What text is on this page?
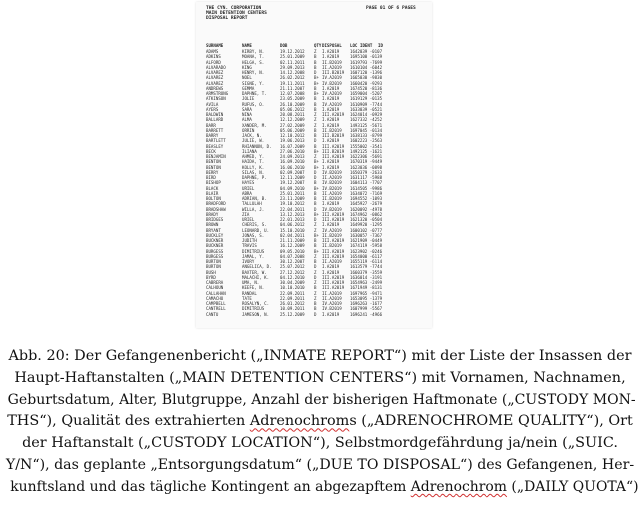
THE CYN. CORPORATION
MAIN DETENTION CENTERS
DISPOSAL REPORT
PAGE 01 OF 6 PAGES
SURNAME	NAME	DOB	QTY DISPOSAL	LOC IDENT	ID
ADAMS	KIRBY, N.	19.12.2012	Z	I.A2019	1642039 -0107
ADKINS	MOANA, T.	25.01.2009	B	I.A2019	1695100 -0139
ALFORD	HELGA, S.	02.11.2011	B	II.B2019	1619793 -7699
ALVARADO	KING	29.09.2013	B	II.A2019	1610104 -6042
ALVAREZ	HENRY, N.	14.12.2008	D	III.B2019	1607120 -1396
ALVAREZ	NOEL	26.02.2012	B+ IV.A2019	1665030 -9830
ALVAREZ	SIGNE, Y.	19.11.2011	B+ IV.B2019	1660420 -9293
ANDREWS	GEMMA	21.11.2007	B	I.A2019	1674520 -8136
ARMSTRONG	DAPHNE, T.	12.07.2008	B+ IV.A2019	1659004 -5207
ATKINSON	JOLIE	23.05.2009	B	I.A2019	1619129 -0135
AVILA	RUFUS, O.	26.10.2009	B	IV.A2019	1610909 -7744
AYERS	SARA	05.06.2012	B	I.A2019	1633039 -0521
BALDWIN	NINA	20.08.2011	Z	III.A2019	1624014 -0929
BALLARD	ALMA	12.12.2009	Z	I.A2019	1627332 -4252
BARR	XANDER, M.	27.02.2009	Z	I.A2019	1493125 -5671
BARRETT	ORRIN	05.06.2009	B	II.B2019	1697045 -0134
BARRY	JACK, N.	12.10.2012	B	III.B2019	1638133 -8799
BARTLETT	JULIE, W.	19.06.2013	D	I.A2019	1602223 -2563
BEASLEY	RHIANNON, D.	16.07.2009	B	III.A2019	1555002 -3541
BECK	ILIANA	27.06.2010	B+ III.B2019	1492125 -1621
BENJAMIN	AHMED, Y.	24.09.2013	Z	III.A2019	1622306 -5691
BENTON	HAIDA, T.	16.09.2010	B+ I.A2019	1670319 -9449
BENTON	KOLLY, K.	16.06.2010	B+ I.A2019	1623036 -0898
BERRY	SILAS, N.	02.09.2007	D	IV.B2019	1650379 -2633
BIRD	DAPHNE, P.	12.11.2009	D	II.A2019	1631117 -5988
BISHOP	HAYES	19.12.2007	B	IV.B2019	1604113 -7707
BLACK	URIEL	04.09.2010	B+ IV.B2019	1614505 -9986
BLAIR	ABRA	25.01.2011	B	II.A2019	1634072 -7169
BOLTON	ADRIAN, B.	23.11.2009	B	II.B2019	1694552 -1093
BRADFORD	TALLULAH	19.10.2012	B	I.A2019	1645927 -2679
BRADSHAW	WILLA, J.	22.04.2011	D	IV.B2019	1620092 -4978
BRADY	ZIA	13.12.2013	B+ III.A2019	1674962 -0862
BRIDGES	URIEL	22.01.2013	D	III.A2019	1621320 -0504
BROWN	CHERIS, S.	04.06.2012	Z	I.A2019	1649920 -1295
BRYANT	LEONARD, U.	15.10.2010	Z	IV.A2019	1600102 -0777
BUCKLEY	JONAS, S.	02.04.2011	B+ II.B2019	1630057 -7367
BUCKNER	JUDITH	21.11.2009	B	III.A2019	1621909 -0449
BUCKNER	TRAVIS	16.12.2009	B	II.B2019	1674119 -5958
BURGESS	DIMITRIUS	09.05.2010	B+ III.A2019	1623902 -0246
BURGESS	JAMAL, Y.	04.07.2008	Z	III.A2019	1654000 -6117
BURTON	IVORY	30.12.2007	B	II.A2019	1655119 -6114
BURTON	ANGELICA, D.	25.07.2012	D	I.A2019	1613579 -7744
BUSH	BAXTER, W.	27.12.2012	Z	I.A2019	1660379 -3559
BYRD	MALACHI, K.	04.12.2010	D	III.A2019	1636014 -3191
CABRERA	UMA, N.	30.04.2009	Z	III.A2019	1654963 -2499
CALHOUN	KEEFE, N.	10.10.2010	B	III.A2019	1671949 -8131
CALLAHAN	RANDAL	22.09.2011	Z	II.A2019	1697965 -9471
CAMACHO	TATE	22.09.2011	Z	II.A2019	1653095 -1379
CAMPBELL	ROSALYN, C.	26.01.2012	B	IV.A2019	1696263 -1677
CANTRELL	DIMITRIUS	10.09.2011	B	IV.B2019	1607999 -5567
CANTU	JAMESON, N.	25.12.2009	D	I.A2019	1696241 -4966
Abb. 20: Der Gefangenenbericht („INMATE REPORT“) mit der Liste der Insassen der
Haupt-Haftanstalten („MAIN DETENTION CENTERS“) mit Vornamen, Nachnamen,
Geburtsdatum, Alter, Blutgruppe, Anzahl der bisherigen Haftmonate („CUSTODY MON-
THS“), Qualität des extrahierten Adrenochroms („ADRENOCHROME QUALITY“), Ort
der Haftanstalt („CUSTODY LOCATION“), Selbstmordgefährdung ja/nein („SUIC.
Y/N“), das geplante „Entsorgungsdatum“ („DUE TO DISPOSAL“) des Gefangenen, Her-
kunftsland und das tägliche Kontingent an abgezapftem Adrenochrom („DAILY QUOTA“)
